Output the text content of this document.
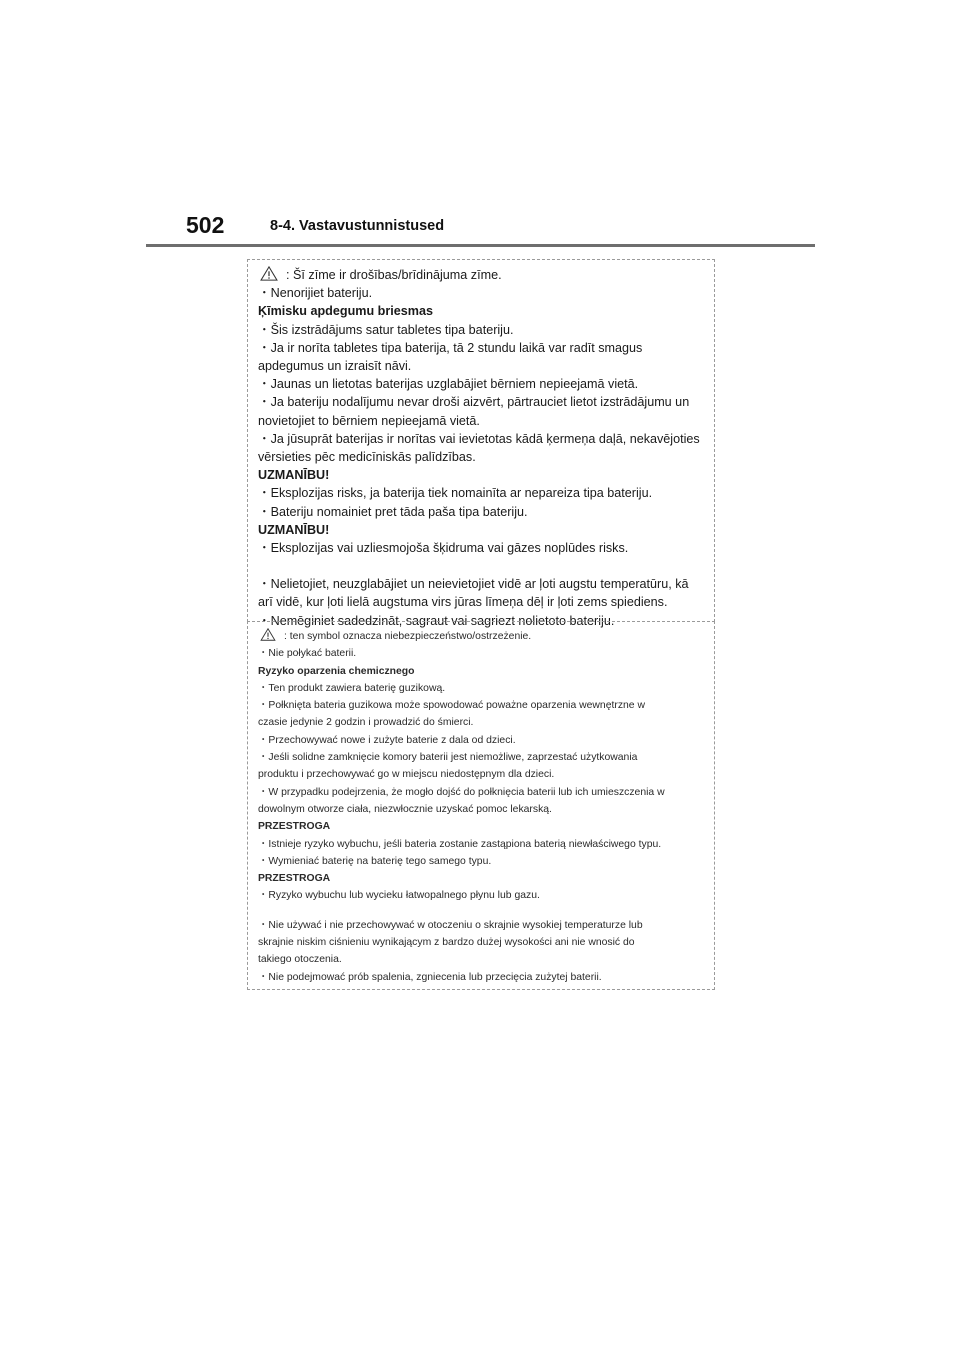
502	8-4. Vastavustunnistused
: Šī zīme ir drošības/brīdinājuma zīme.
・Nenorijiet bateriju.
Ķīmisku apdegumu briesmas
・Šis izstrādājums satur tabletes tipa bateriju.
・Ja ir norīta tabletes tipa baterija, tā 2 stundu laikā var radīt smagus
apdegumus un izraisīt nāvi.
・Jaunas un lietotas baterijas uzglabājiet bērniem nepieejamā vietā.
・Ja bateriju nodalījumu nevar droši aizvērt, pārtrauciet lietot izstrādājumu un
novietojiet to bērniem nepieejamā vietā.
・Ja jūsuprāt baterijas ir norītas vai ievietotas kādā ķermeņa daļā, nekavējoties
vērsieties pēc medicīniskās palīdzības.
UZMANĪBU!
・Eksplozijas risks, ja baterija tiek nomainīta ar nepareiza tipa bateriju.
・Bateriju nomainiet pret tāda paša tipa bateriju.
UZMANĪBU!
・Eksplozijas vai uzliesmojoša šķidruma vai gāzes noplūdes risks.
・Nelietojiet, neuzglabājiet un neievietojiet vidē ar ļoti augstu temperatūru, kā
arī vidē, kur ļoti lielā augstuma virs jūras līmeņa dēļ ir ļoti zems spiediens.
・Nemēginiet sadedzināt, sagraut vai sagriezt nolietoto bateriju.
: ten symbol oznacza niebezpieczeństwo/ostrzeżenie.
・Nie połykać baterii.
Ryzyko oparzenia chemicznego
・Ten produkt zawiera baterię guzikową.
・Połknięta bateria guzikowa może spowodować poważne oparzenia wewnętrzne w
czasie jedynie 2 godzin i prowadzić do śmierci.
・Przechowywać nowe i zużyte baterie z dala od dzieci.
・Jeśli solidne zamknięcie komory baterii jest niemożliwe, zaprzestać użytkowania
produktu i przechowywać go w miejscu niedostępnym dla dzieci.
・W przypadku podejrzenia, że mogło dojść do połknięcia baterii lub ich umieszczenia w
dowolnym otworze ciała, niezwłocznie uzyskać pomoc lekarską.
PRZESTROGA
・Istnieje ryzyko wybuchu, jeśli bateria zostanie zastąpiona baterią niewłaściwego typu.
・Wymieniać baterię na baterię tego samego typu.
PRZESTROGA
・Ryzyko wybuchu lub wycieku łatwopalnego płynu lub gazu.
・Nie używać i nie przechowywać w otoczeniu o skrajnie wysokiej temperaturze lub
skrajnie niskim ciśnieniu wynikającym z bardzo dużej wysokości ani nie wnosić do
takiego otoczenia.
・Nie podejmować prób spalenia, zgniecenia lub przecięcia zużytej baterii.
